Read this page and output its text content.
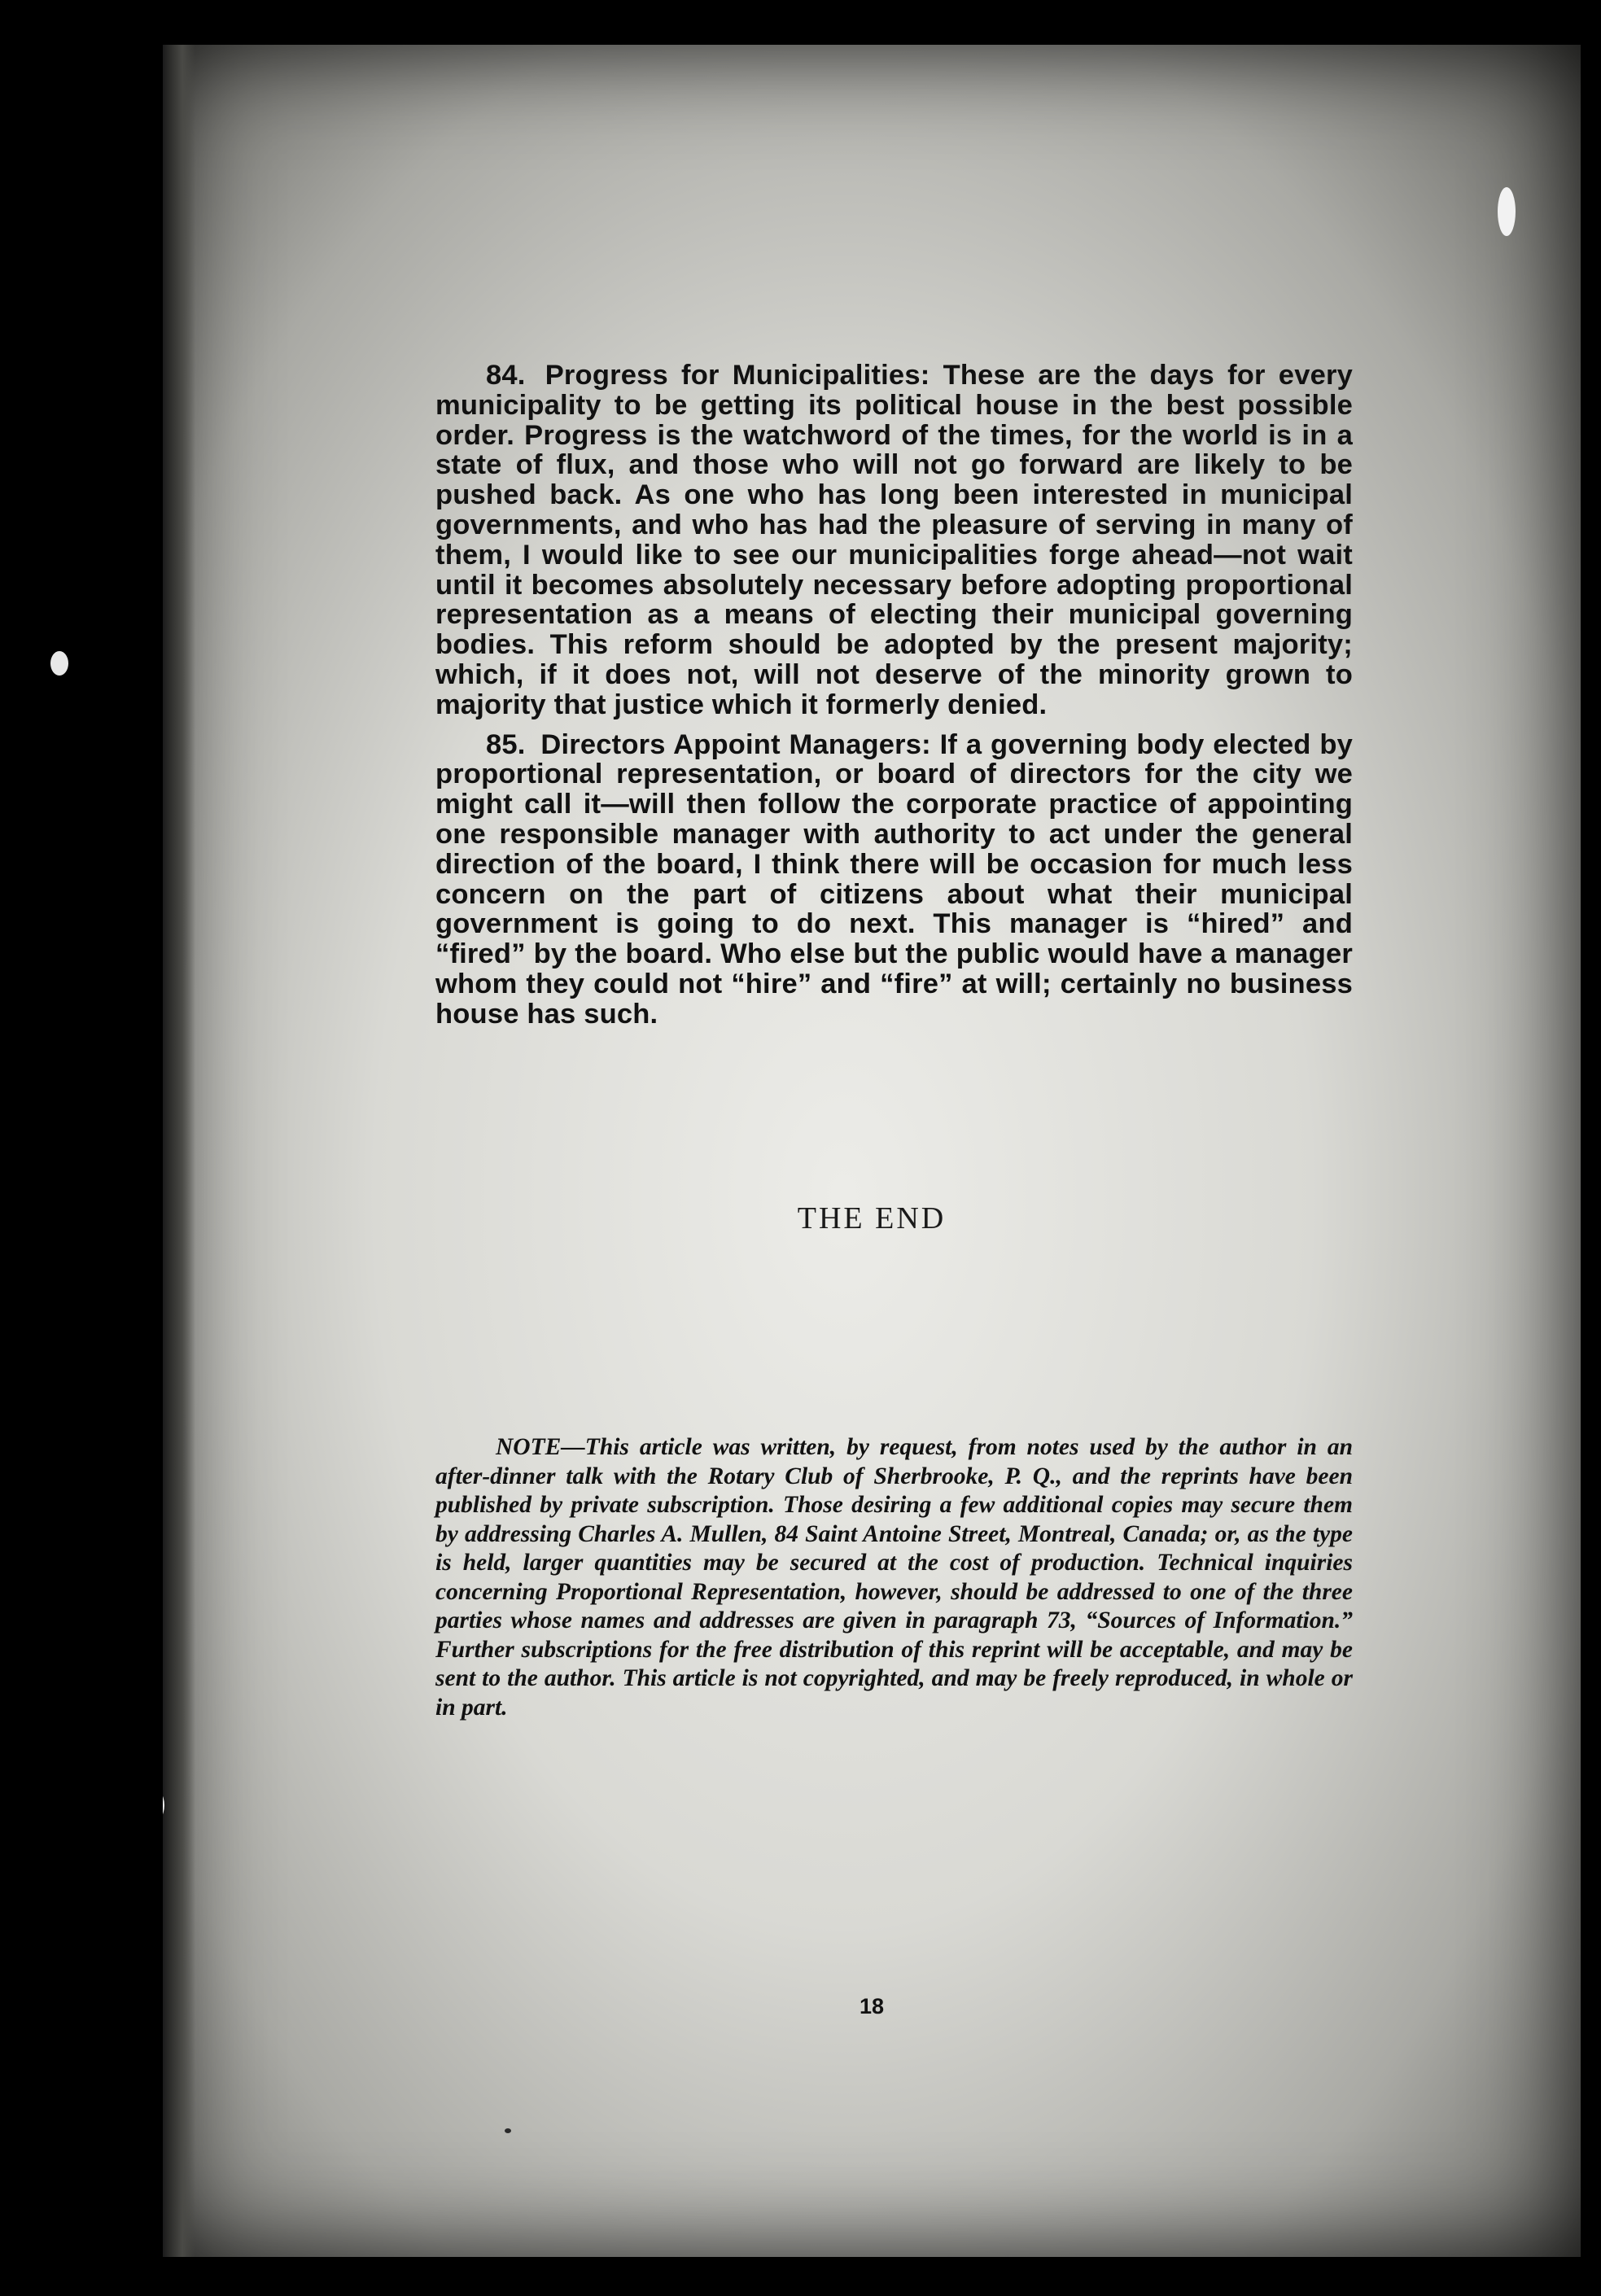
84. Progress for Municipalities: These are the days for every municipality to be getting its political house in the best possible order. Progress is the watchword of the times, for the world is in a state of flux, and those who will not go forward are likely to be pushed back. As one who has long been interested in municipal governments, and who has had the pleasure of serving in many of them, I would like to see our municipalities forge ahead—not wait until it becomes absolutely necessary before adopting proportional representation as a means of electing their municipal governing bodies. This reform should be adopted by the present majority; which, if it does not, will not deserve of the minority grown to majority that justice which it formerly denied.

85. Directors Appoint Managers: If a governing body elected by proportional representation, or board of directors for the city we might call it—will then follow the corporate practice of appointing one responsible manager with authority to act under the general direction of the board, I think there will be occasion for much less concern on the part of citizens about what their municipal government is going to do next. This manager is “hired” and “fired” by the board. Who else but the public would have a manager whom they could not “hire” and “fire” at will; certainly no business house has such.

THE END
NOTE—This article was written, by request, from notes used by the author in an after-dinner talk with the Rotary Club of Sherbrooke, P. Q., and the reprints have been published by private subscription. Those desiring a few additional copies may secure them by addressing Charles A. Mullen, 84 Saint Antoine Street, Montreal, Canada; or, as the type is held, larger quantities may be secured at the cost of production. Technical inquiries concerning Proportional Representation, however, should be addressed to one of the three parties whose names and addresses are given in paragraph 73, “Sources of Information.” Further subscriptions for the free distribution of this reprint will be acceptable, and may be sent to the author. This article is not copyrighted, and may be freely reproduced, in whole or in part.
18
